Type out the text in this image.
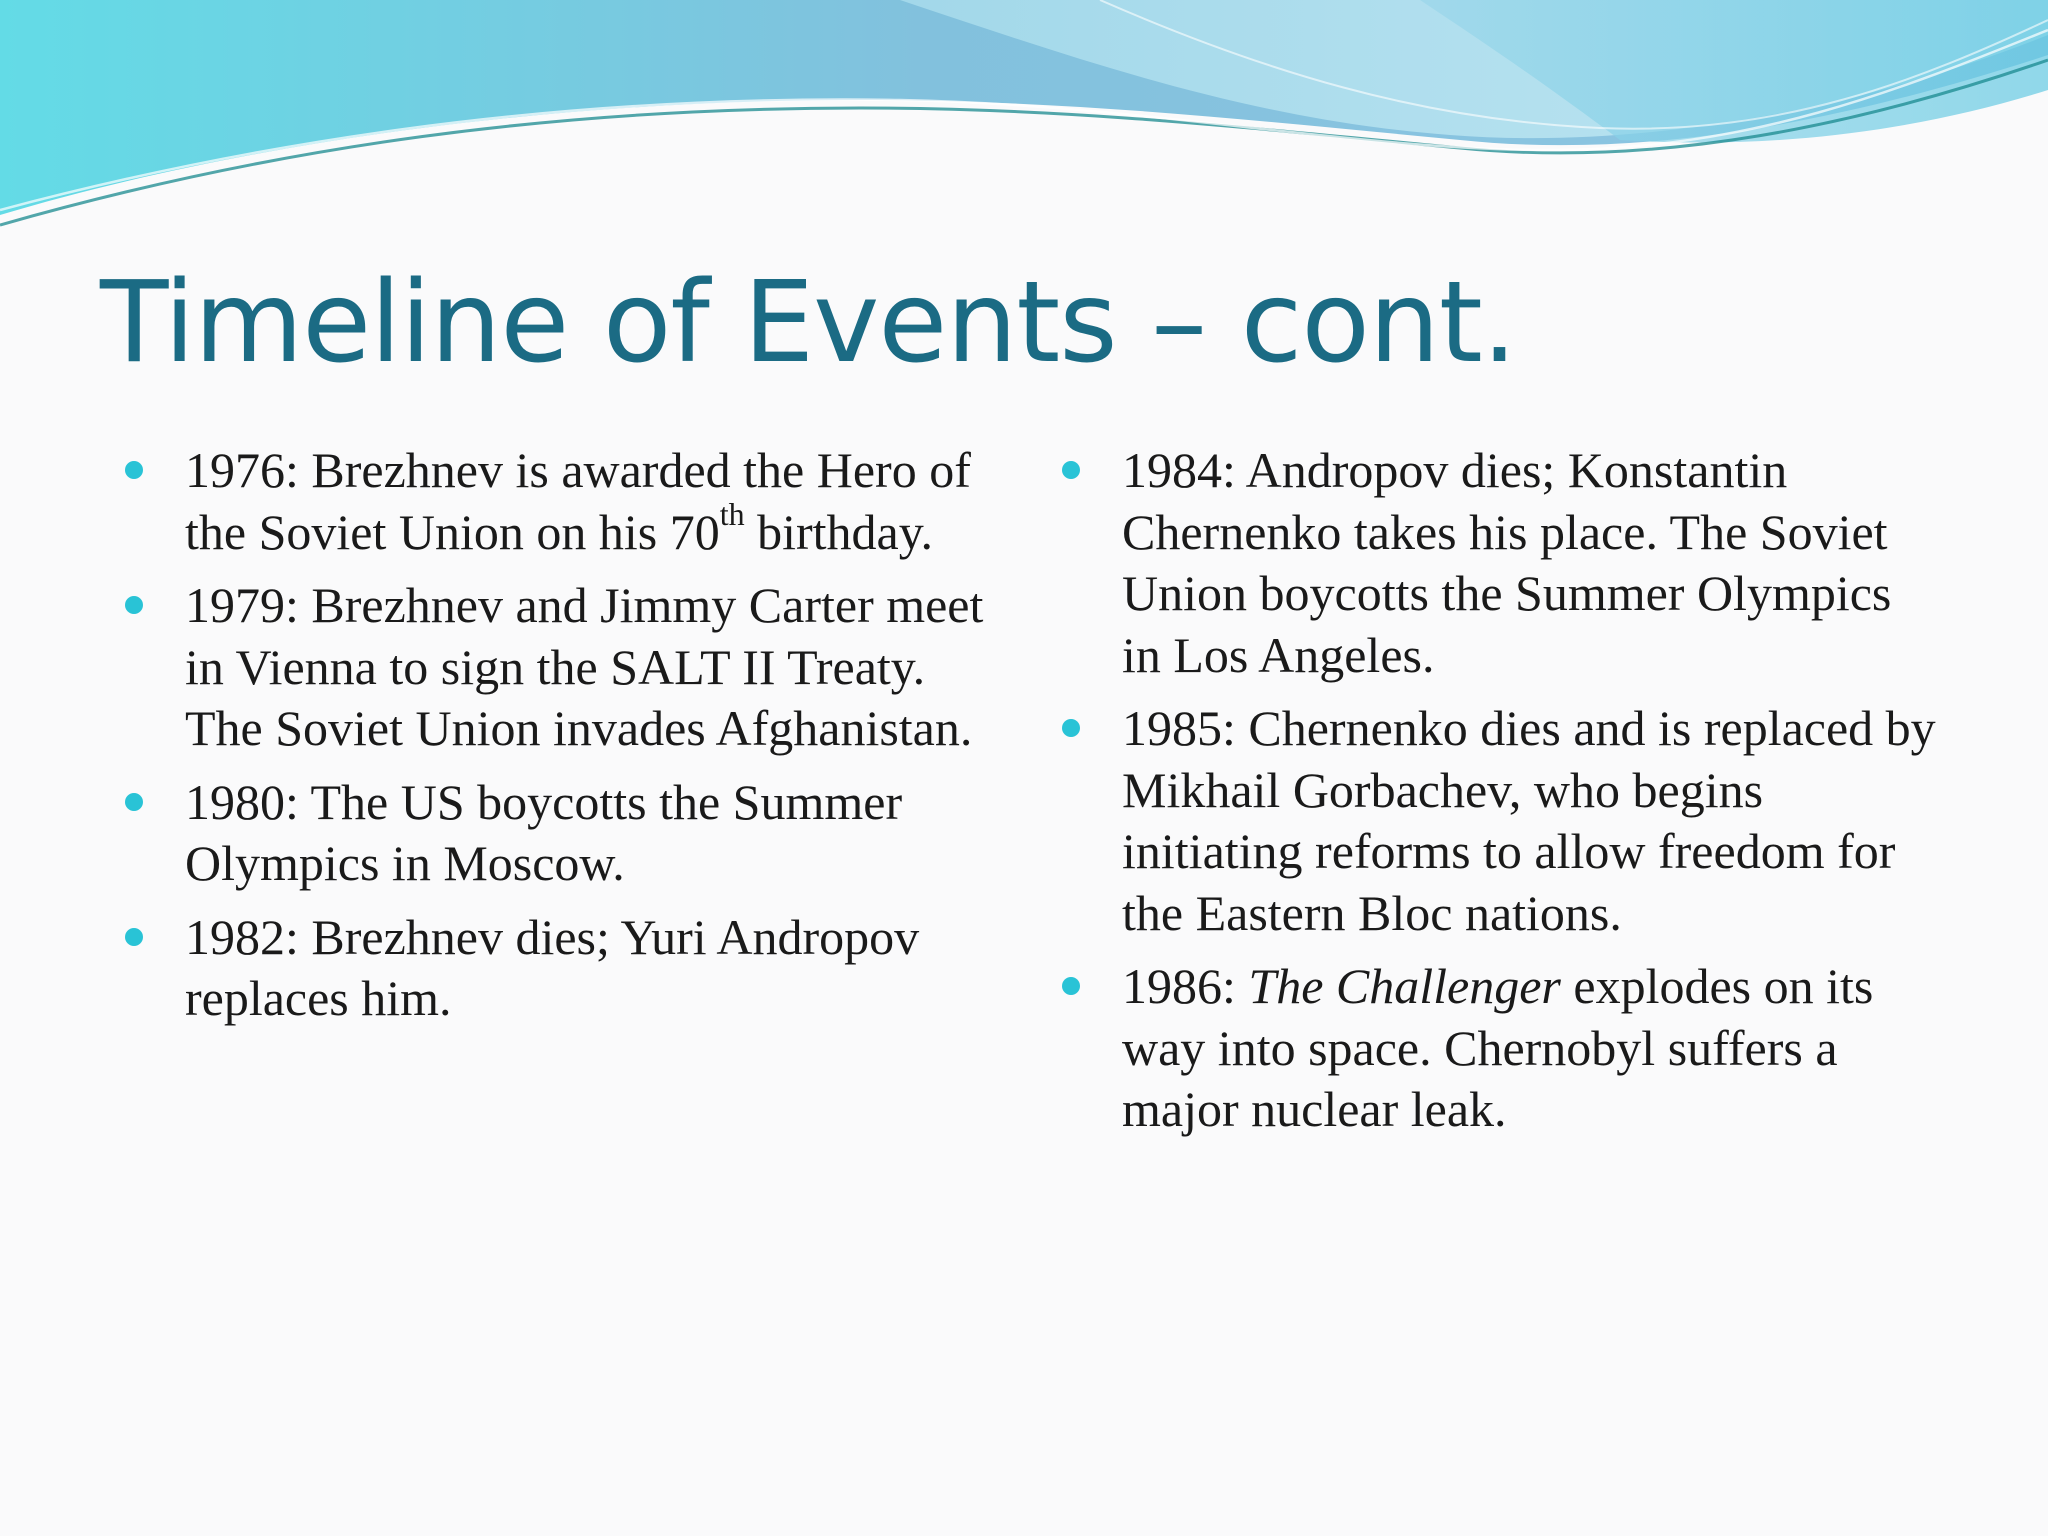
Timeline of Events – cont.
1976: Brezhnev is awarded the Hero of the Soviet Union on his 70th birthday.
1979: Brezhnev and Jimmy Carter meet in Vienna to sign the SALT II Treaty. The Soviet Union invades Afghanistan.
1980: The US boycotts the Summer Olympics in Moscow.
1982: Brezhnev dies; Yuri Andropov replaces him.
1984: Andropov dies; Konstantin Chernenko takes his place. The Soviet Union boycotts the Summer Olympics in Los Angeles.
1985: Chernenko dies and is replaced by Mikhail Gorbachev, who begins initiating reforms to allow freedom for the Eastern Bloc nations.
1986: The Challenger explodes on its way into space. Chernobyl suffers a major nuclear leak.
